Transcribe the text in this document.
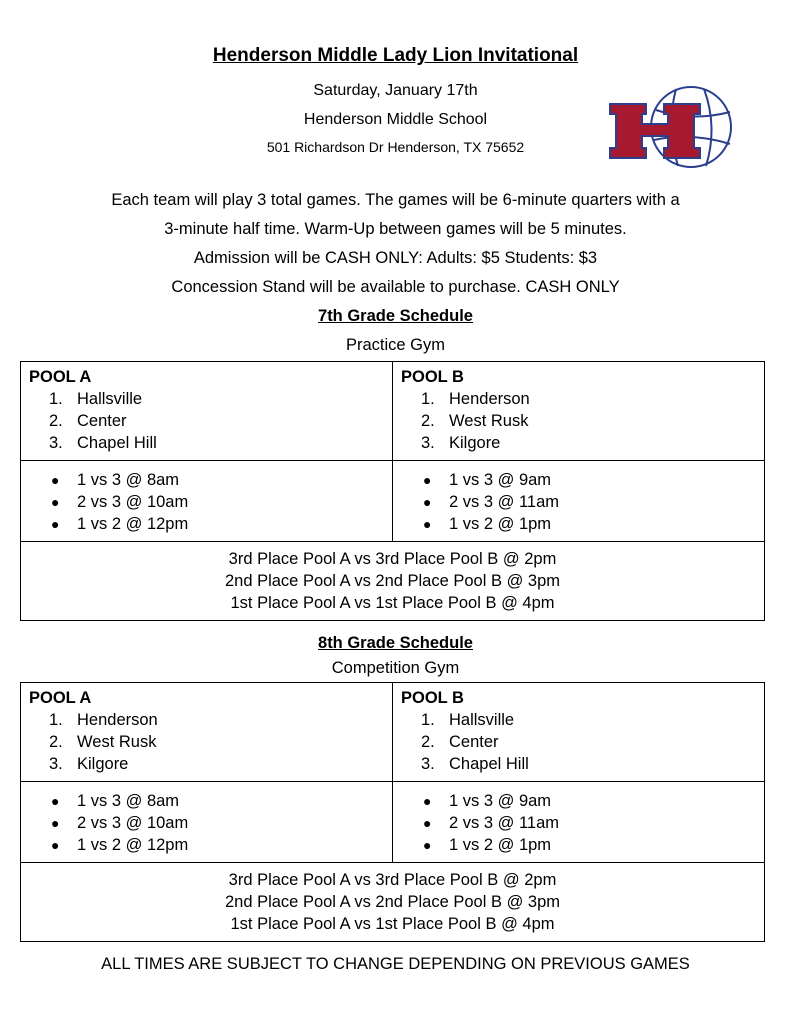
Henderson Middle Lady Lion Invitational
Saturday, January 17th
Henderson Middle School
501 Richardson Dr Henderson, TX 75652
Each team will play 3 total games. The games will be 6-minute quarters with a
3-minute half time. Warm-Up between games will be 5 minutes.
Admission will be CASH ONLY: Adults: $5 Students: $3
Concession Stand will be available to purchase. CASH ONLY
7th Grade Schedule
Practice Gym
POOL A
1. Hallsville
2. Center
3. Chapel Hill
POOL B
1. Henderson
2. West Rusk
3. Kilgore
● 1 vs 3 @ 8am
● 2 vs 3 @ 10am
● 1 vs 2 @ 12pm
● 1 vs 3 @ 9am
● 2 vs 3 @ 11am
● 1 vs 2 @ 1pm
3rd Place Pool A vs 3rd Place Pool B @ 2pm
2nd Place Pool A vs 2nd Place Pool B @ 3pm
1st Place Pool A vs 1st Place Pool B @ 4pm
8th Grade Schedule
Competition Gym
POOL A
1. Henderson
2. West Rusk
3. Kilgore
POOL B
1. Hallsville
2. Center
3. Chapel Hill
● 1 vs 3 @ 8am
● 2 vs 3 @ 10am
● 1 vs 2 @ 12pm
● 1 vs 3 @ 9am
● 2 vs 3 @ 11am
● 1 vs 2 @ 1pm
3rd Place Pool A vs 3rd Place Pool B @ 2pm
2nd Place Pool A vs 2nd Place Pool B @ 3pm
1st Place Pool A vs 1st Place Pool B @ 4pm
ALL TIMES ARE SUBJECT TO CHANGE DEPENDING ON PREVIOUS GAMES
